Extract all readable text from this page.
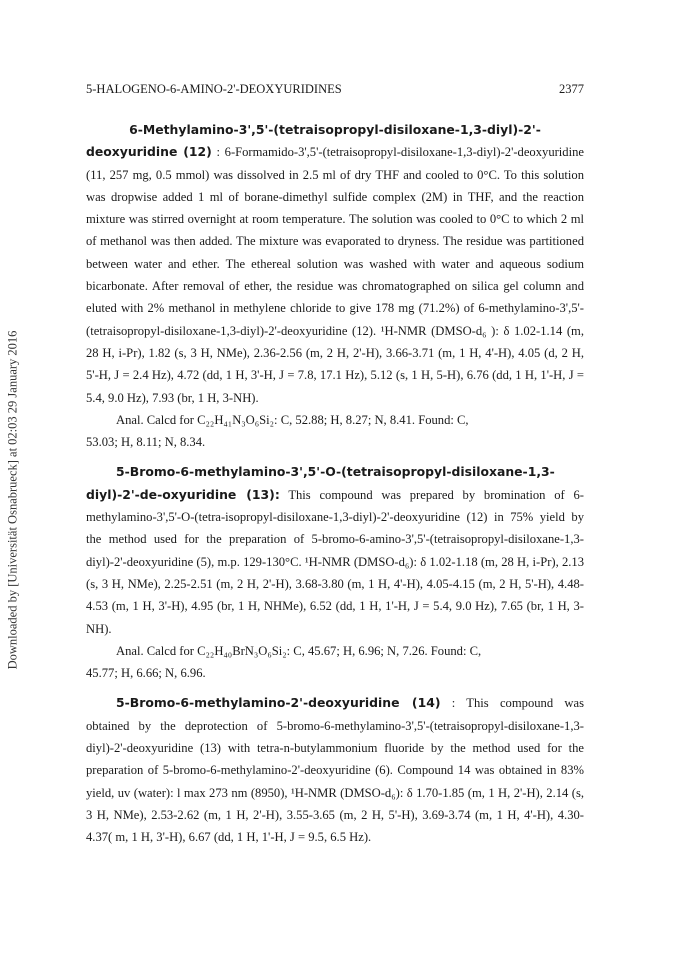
Downloaded by [Universität Osnabrueck] at 02:03 29 January 2016
5-HALOGENO-6-AMINO-2'-DEOXYURIDINES	2377

6-Methylamino-3',5'-(tetraisopropyl-disiloxane-1,3-diyl)-2'-

deoxyuridine (12) : 6-Formamido-3',5'-(tetraisopropyl-disiloxane-1,3-diyl)-2'-deoxyuridine (11, 257 mg, 0.5 mmol) was dissolved in 2.5 ml of dry THF and cooled to 0°C. To this solution was dropwise added 1 ml of borane-dimethyl sulfide complex (2M) in THF, and the reaction mixture was stirred overnight at room temperature. The solution was cooled to 0°C to which 2 ml of methanol was then added. The mixture was evaporated to dryness. The residue was partitioned between water and ether. The ethereal solution was washed with water and aqueous sodium bicarbonate. After removal of ether, the residue was chromatographed on silica gel column and eluted with 2% methanol in methylene chloride to give 178 mg (71.2%) of 6-methylamino-3',5'-(tetraisopropyl-disiloxane-1,3-diyl)-2'-deoxyuridine (12). ¹H-NMR (DMSO-d₆ ): δ 1.02-1.14 (m, 28 H, i-Pr), 1.82 (s, 3 H, NMe), 2.36-2.56 (m, 2 H, 2'-H), 3.66-3.71 (m, 1 H, 4'-H), 4.05 (d, 2 H, 5'-H, J = 2.4 Hz), 4.72 (dd, 1 H, 3'-H, J = 7.8, 17.1 Hz), 5.12 (s, 1 H, 5-H), 6.76 (dd, 1 H, 1'-H, J = 5.4, 9.0 Hz), 7.93 (br, 1 H, 3-NH).

Anal. Calcd for C₂₂H₄₁N₃O₆Si₂: C, 52.88; H, 8.27; N, 8.41. Found: C,

53.03; H, 8.11; N, 8.34.

5-Bromo-6-methylamino-3',5'-O-(tetraisopropyl-disiloxane-1,3-diyl)-2'-de-oxyuridine (13): This compound was prepared by bromination of 6-methylamino-3',5'-O-(tetra-isopropyl-disiloxane-1,3-diyl)-2'-deoxyuridine (12) in 75% yield by the method used for the preparation of 5-bromo-6-amino-3',5'-(tetraisopropyl-disiloxane-1,3-diyl)-2'-deoxyuridine (5), m.p. 129-130°C. ¹H-NMR (DMSO-d₆): δ 1.02-1.18 (m, 28 H, i-Pr), 2.13 (s, 3 H, NMe), 2.25-2.51 (m, 2 H, 2'-H), 3.68-3.80 (m, 1 H, 4'-H), 4.05-4.15 (m, 2 H, 5'-H), 4.48-4.53 (m, 1 H, 3'-H), 4.95 (br, 1 H, NHMe), 6.52 (dd, 1 H, 1'-H, J = 5.4, 9.0 Hz), 7.65 (br, 1 H, 3-NH).

Anal. Calcd for C₂₂H₄₀BrN₃O₆Si₂: C, 45.67; H, 6.96; N, 7.26. Found: C,

45.77; H, 6.66; N, 6.96.

5-Bromo-6-methylamino-2'-deoxyuridine (14) : This compound was obtained by the deprotection of 5-bromo-6-methylamino-3',5'-(tetraisopropyl-disiloxane-1,3-diyl)-2'-deoxyuridine (13) with tetra-n-butylammonium fluoride by the method used for the preparation of 5-bromo-6-methylamino-2'-deoxyuridine (6). Compound 14 was obtained in 83% yield, uv (water): l max 273 nm (8950), ¹H-NMR (DMSO-d₆): δ 1.70-1.85 (m, 1 H, 2'-H), 2.14 (s, 3 H, NMe), 2.53-2.62 (m, 1 H, 2'-H), 3.55-3.65 (m, 2 H, 5'-H), 3.69-3.74 (m, 1 H, 4'-H), 4.30-4.37( m, 1 H, 3'-H), 6.67 (dd, 1 H, 1'-H, J = 9.5, 6.5 Hz).
